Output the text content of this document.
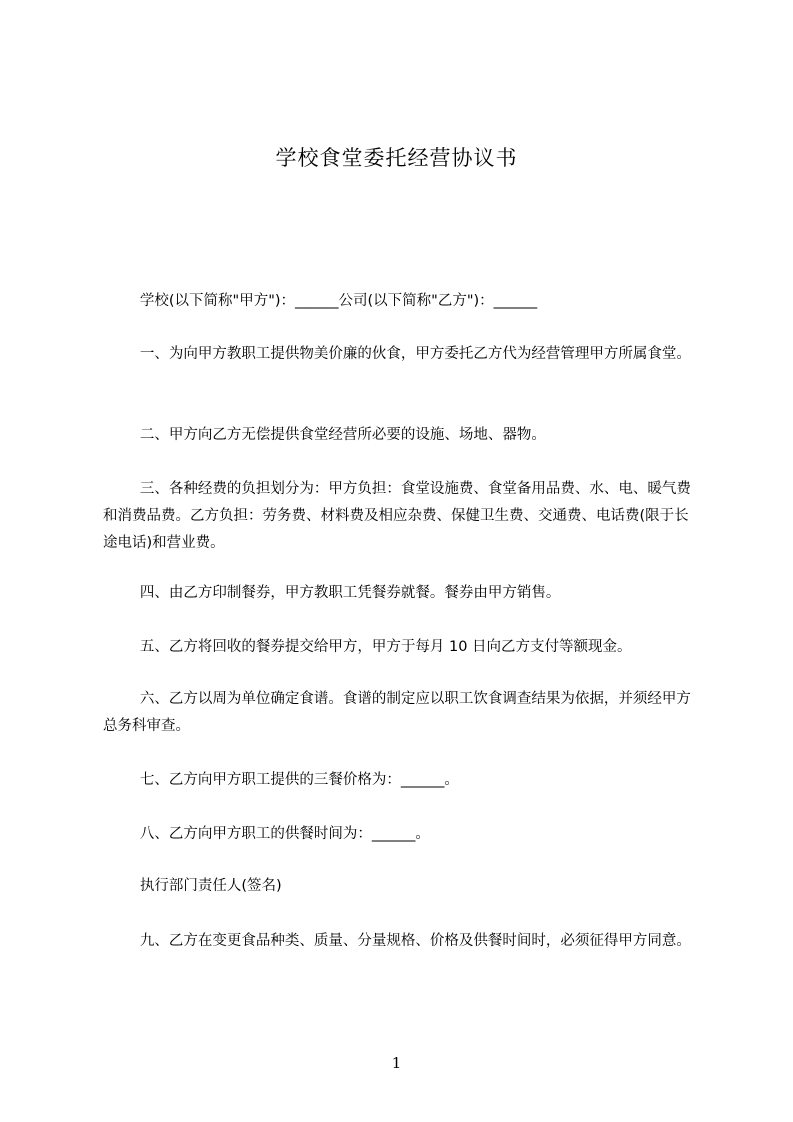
学校食堂委托经营协议书

学校(以下简称"甲方")：______公司(以下简称"乙方")：______

一、为向甲方教职工提供物美价廉的伙食，甲方委托乙方代为经营管理甲方所属食堂。

二、甲方向乙方无偿提供食堂经营所必要的设施、场地、器物。

三、各种经费的负担划分为：甲方负担：食堂设施费、食堂备用品费、水、电、暖气费和消费品费。乙方负担：劳务费、材料费及相应杂费、保健卫生费、交通费、电话费(限于长途电话)和营业费。

四、由乙方印制餐券，甲方教职工凭餐券就餐。餐券由甲方销售。

五、乙方将回收的餐券提交给甲方，甲方于每月 10 日向乙方支付等额现金。

六、乙方以周为单位确定食谱。食谱的制定应以职工饮食调查结果为依据，并须经甲方总务科审查。

七、乙方向甲方职工提供的三餐价格为：______。

八、乙方向甲方职工的供餐时间为：______。

执行部门责任人(签名)

九、乙方在变更食品种类、质量、分量规格、价格及供餐时间时，必须征得甲方同意。

1
